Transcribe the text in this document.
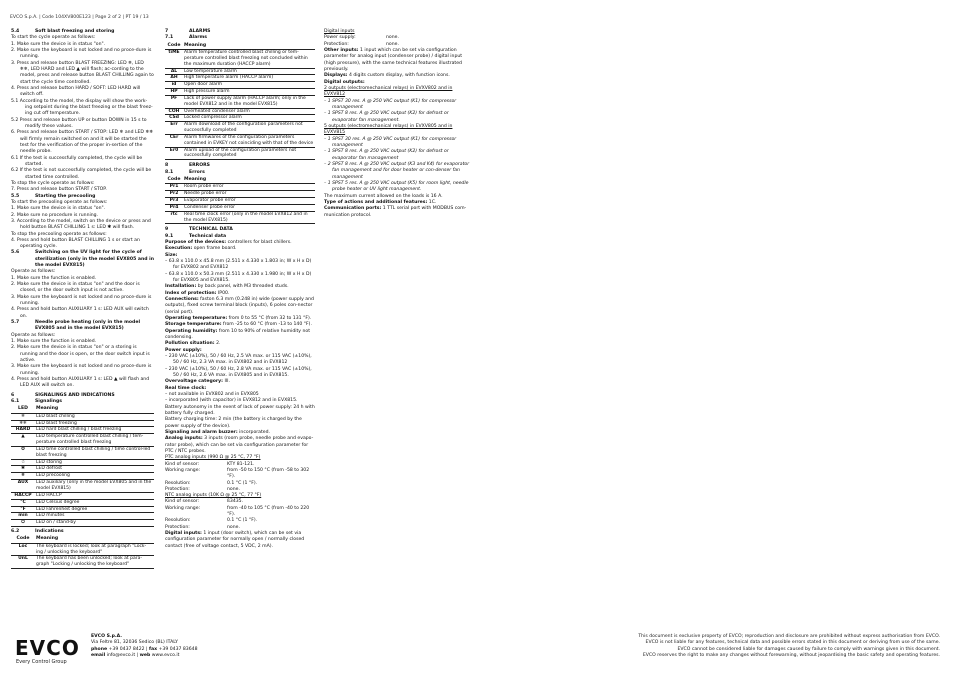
EVCO S.p.A. | Code 104XV800E123 | Page 2 of 2 | PT 19 / 13
5.4	Soft blast freezing and storing

To start the cycle operate as follows:

1. Make sure the device is in status "on".

2. Make sure the keyboard is not locked and no proce-dure is running.

3. Press and release button BLAST FREEZING: LED ❄, LED ❄❄, LED HARD and LED ▲ will flash; ac-cording to the model, press and release button BLAST CHILLING again to start the cycle time controlled.

4. Press and release button HARD / SOFT: LED HARD will switch off.

5.1 According to the model, the display will show the work-ing setpoint during the blast freezing or the blast freez-ing cut off temperature.

5.2 Press and release button UP or button DOWN in 15 s to modify these values.

6. Press and release button START / STOP: LED ❄ and LED ❄❄ will firmly remain switched on and it will be started the test for the verification of the proper in-sertion of the needle probe.

6.1 If the test is successfully completed, the cycle will be started.

6.2 If the test is not successfully completed, the cycle will be started time controlled.

To stop the cycle operate as follows:

7. Press and release button START / STOP.

5.5	Starting the precooling

To start the precooling operate as follows:

1. Make sure the device is in status "on".

2. Make sure no procedure is running.

3. According to the model, switch on the device or press and hold button BLAST CHILLING 1 s: LED ✱ will flash.

To stop the precooling operate as follows:

4. Press and hold button BLAST CHILLING 1 s or start an operating cycle.

5.6	Switching on the UV light for the cycle of sterilization (only in the model EVX805 and in the model EVX815)

Operate as follows:

1. Make sure the function is enabled.

2. Make sure the device is in status "on" and the door is closed, or the door switch input is not active.

3. Make sure the keyboard is not locked and no proce-dure is running.

4. Press and hold button AUXILIARY 1 s: LED AUX will switch on.

5.7	Needle probe heating (only in the model EVX805 and in the model EVX815)

Operate as follows:

1. Make sure the function is enabled.

2. Make sure the device is in status "on" or a storing is running and the door is open, or the door switch input is active.

3. Make sure the keyboard is not locked and no proce-dure is running.

4. Press and hold button AUXILIARY 1 s: LED ▲ will flash and LED AUX will switch on.

6	SIGNALINGS AND INDICATIONS
6.1	Signalings
LED	Meaning
❄	LED blast chilling
❄❄	LED blast freezing
HARD	LED hard blast chilling / blast freezing
▲	LED temperature controlled blast chilling / tem-perature controlled blast freezing
⏱	LED time controlled blast chilling / time control-led blast freezing
☃	LED storing
✱	LED defrost
❅	LED precooling
AUX	LED auxiliary (only in the model EVX805 and in the model EVX815)
HACCP	LED HACCP
°C	LED Celsius degree
°F	LED Fahrenheit degree
min	LED minutes
⏻	LED on / stand-by
6.2	Indications
Code	Meaning
Loc	The keyboard is locked; look at paragraph "Lock-ing / unlocking the keyboard"
UnL	The keyboard has been unlocked; look at para-graph "Locking / unlocking the keyboard"
7	ALARMS
7.1	Alarms
Code	Meaning
tiME	Alarm temperature controlled blast chilling or tem-perature controlled blast freezing not concluded within the maximum duration (HACCP alarm)
AL	Low temperature alarm
AH	High temperature alarm (HACCP alarm)
id	Open door alarm
HP	High pressure alarm
PF	Lack of power supply alarm (HACCP alarm; only in the model EVX812 and in the model EVX815)
COH	Overheated condenser alarm
CSd	Locked compressor alarm
Err	Alarm download of the configuration parameters not successfully completed
CEr	Alarm firmwares of the configuration parameters contained in EVKEY not coinciding with that of the device
Er0	Alarm upload of the configuration parameters not successfully completed
8	ERRORS
8.1	Errors
Code	Meaning
Pr1	Room probe error
Pr2	Needle probe error
Pr3	Evaporator probe error
Pr4	Condenser probe error
rtc	Real time clock error (only in the model EVX812 and in the model EVX815)
9	TECHNICAL DATA
9.1	Technical data

Purpose of the devices: controllers for blast chillers.

Execution: open frame board.

Size:

– 63.8 x 110.0 x 45.8 mm (2.511 x 4.330 x 1.803 in; W x H x D) for EVX802 and EVX812

– 63.8 x 110.0 x 50.3 mm (2.511 x 4.330 x 1.980 in; W x H x D) for EVX805 and EVX815.

Installation: by back panel, with M3 threaded studs.

Index of protection: IP00.

Connections: faston 6.3 mm (0.248 in) wide (power supply and outputs), fixed screw terminal block (inputs), 6 poles con-nector (serial port).

Operating temperature: from 0 to 55 °C (from 32 to 131 °F).

Storage temperature: from -25 to 60 °C (from -13 to 140 °F).

Operating humidity: from 10 to 90% of relative humidity not condensing.

Pollution situation: 2.

Power supply:

– 230 VAC (±10%), 50 / 60 Hz, 2.5 VA max. or 115 VAC (±10%), 50 / 60 Hz, 2.3 VA max. in EVX802 and in EVX812

– 230 VAC (±10%), 50 / 60 Hz, 2.8 VA max. or 115 VAC (±10%), 50 / 60 Hz, 2.6 VA max. in EVX805 and in EVX815.

Overvoltage category: III.

Real time clock:

– not available in EVX802 and in EVX805

– incorporated (with capacitor) in EVX812 and in EVX815.

Battery autonomy in the event of lack of power supply: 24 h with battery fully charged.

Battery charging time: 2 min (the battery is charged by the power supply of the device).

Signaling and alarm buzzer: incorporated.

Analog inputs: 3 inputs (room probe, needle probe and evapo-rator probe), which can be set via configuration parameter for PTC / NTC probes.

PTC analog inputs (990 Ω @ 25 °C, 77 °F)

Kind of sensor:	KTY 81-121.
Working range:	from -50 to 150 °C (from -58 to 302 °F).
Resolution:	0.1 °C (1 °F).
Protection:	none.

NTC analog inputs (10K Ω @ 25 °C, 77 °F)

Kind of sensor:	ß3435.
Working range:	from -40 to 105 °C (from -40 to 220 °F).
Resolution:	0.1 °C (1 °F).
Protection:	none.

Digital inputs: 1 input (door switch), which can be set via configuration parameter for normally open / normally closed contact (free of voltage contact, 5 VDC, 2 mA).

Digital inputs

Power supply:	none.
Protection:	none.

Other inputs: 1 input which can be set via configuration parameter for analog input (condenser probe) / digital input (high pressure), with the same technical features illustrated previously.

Displays: 4 digits custom display, with function icons.

Digital outputs:

2 outputs (electromechanical relays) in EVXV802 and in EVXV812

– 1 SPST 30 res. A @ 250 VAC output (K1) for compressor management

– 1 SPST 8 res. A @ 250 VAC output (K2) for defrost or evaporator fan management.

5 outputs (electromechanical relays) in EVXV805 and in EVXV815

– 1 SPST 30 res. A @ 250 VAC output (K1) for compressor management

– 1 SPST 8 res. A @ 250 VAC output (K2) for defrost or evaporator fan management

– 2 SPST 8 res. A @ 250 VAC output (K3 and K4) for evaporator fan management and for door heater or con-denser fan management

– 1 SPST 5 res. A @ 250 VAC output (K5) for room light, needle probe heater or UV light management.

The maximum current allowed on the loads is 16 A.

Type of actions and additional features: 1C.

Communication ports: 1 TTL serial port with MODBUS com-munication protocol.

EVCO
Every Control Group

EVCO S.p.A.

Via Feltre 81, 32036 Sedico (BL) ITALY

phone +39 0437 8422 | fax +39 0437 83648

email info@evco.it | web www.evco.it

This document is exclusive property of EVCO; reproduction and disclosure are prohibited without express authorisation from EVCO.

EVCO is not liable for any features, technical data and possible errors stated in this document or deriving from use of the same.

EVCO cannot be considered liable for damages caused by failure to comply with warnings given in this document.

EVCO reserves the right to make any changes without forewarning, without jeopardising the basic safety and operating features.
